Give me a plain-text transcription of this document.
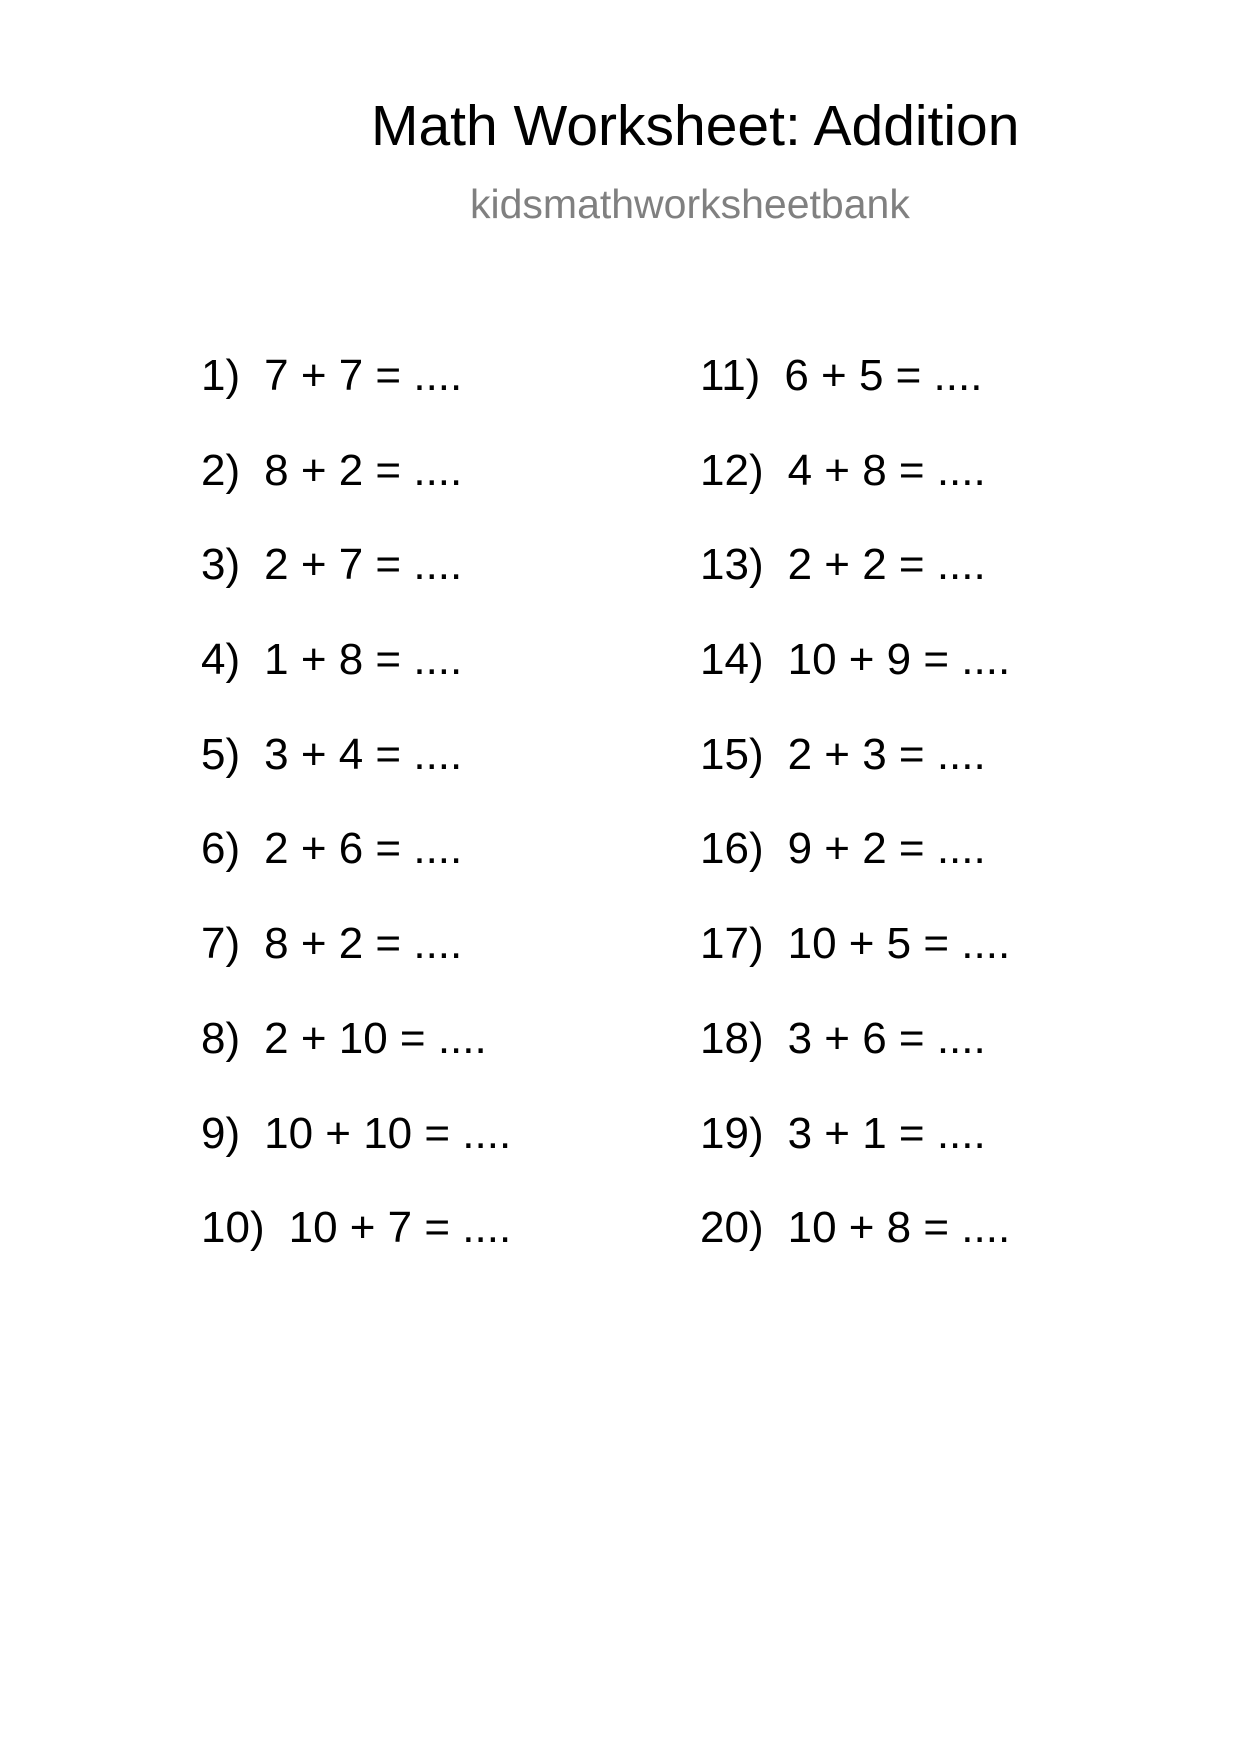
Math Worksheet: Addition
kidsmathworksheetbank
1) 7 + 7 = ....
2) 8 + 2 = ....
3) 2 + 7 = ....
4) 1 + 8 = ....
5) 3 + 4 = ....
6) 2 + 6 = ....
7) 8 + 2 = ....
8) 2 + 10 = ....
9) 10 + 10 = ....
10) 10 + 7 = ....
11) 6 + 5 = ....
12) 4 + 8 = ....
13) 2 + 2 = ....
14) 10 + 9 = ....
15) 2 + 3 = ....
16) 9 + 2 = ....
17) 10 + 5 = ....
18) 3 + 6 = ....
19) 3 + 1 = ....
20) 10 + 8 = ....
